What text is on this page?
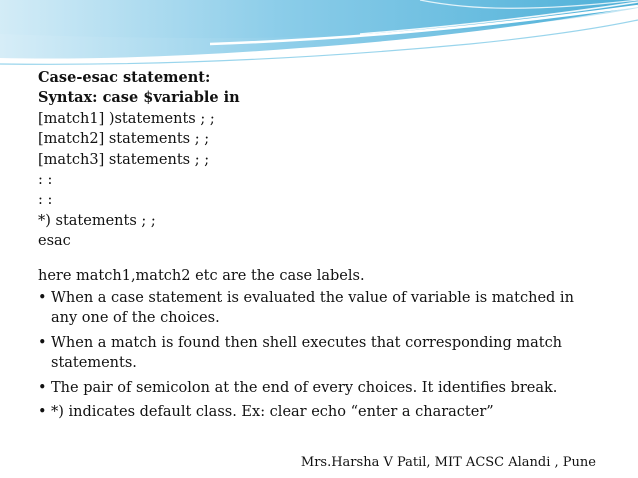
Case-esac statement:
Syntax: case $variable in
[match1] )statements ; ;
[match2] statements ; ;
[match3] statements ; ;
: :
: :
*) statements ; ;
esac
here match1,match2 etc are the case labels.
• When a case statement is evaluated the value of variable is matched in any one of the choices.
• When a match is found then shell executes that corresponding match statements.
• The pair of semicolon at the end of every choices. It identifies break.
• *) indicates default class. Ex: clear echo “enter a character”
Mrs.Harsha V Patil, MIT ACSC Alandi , Pune
